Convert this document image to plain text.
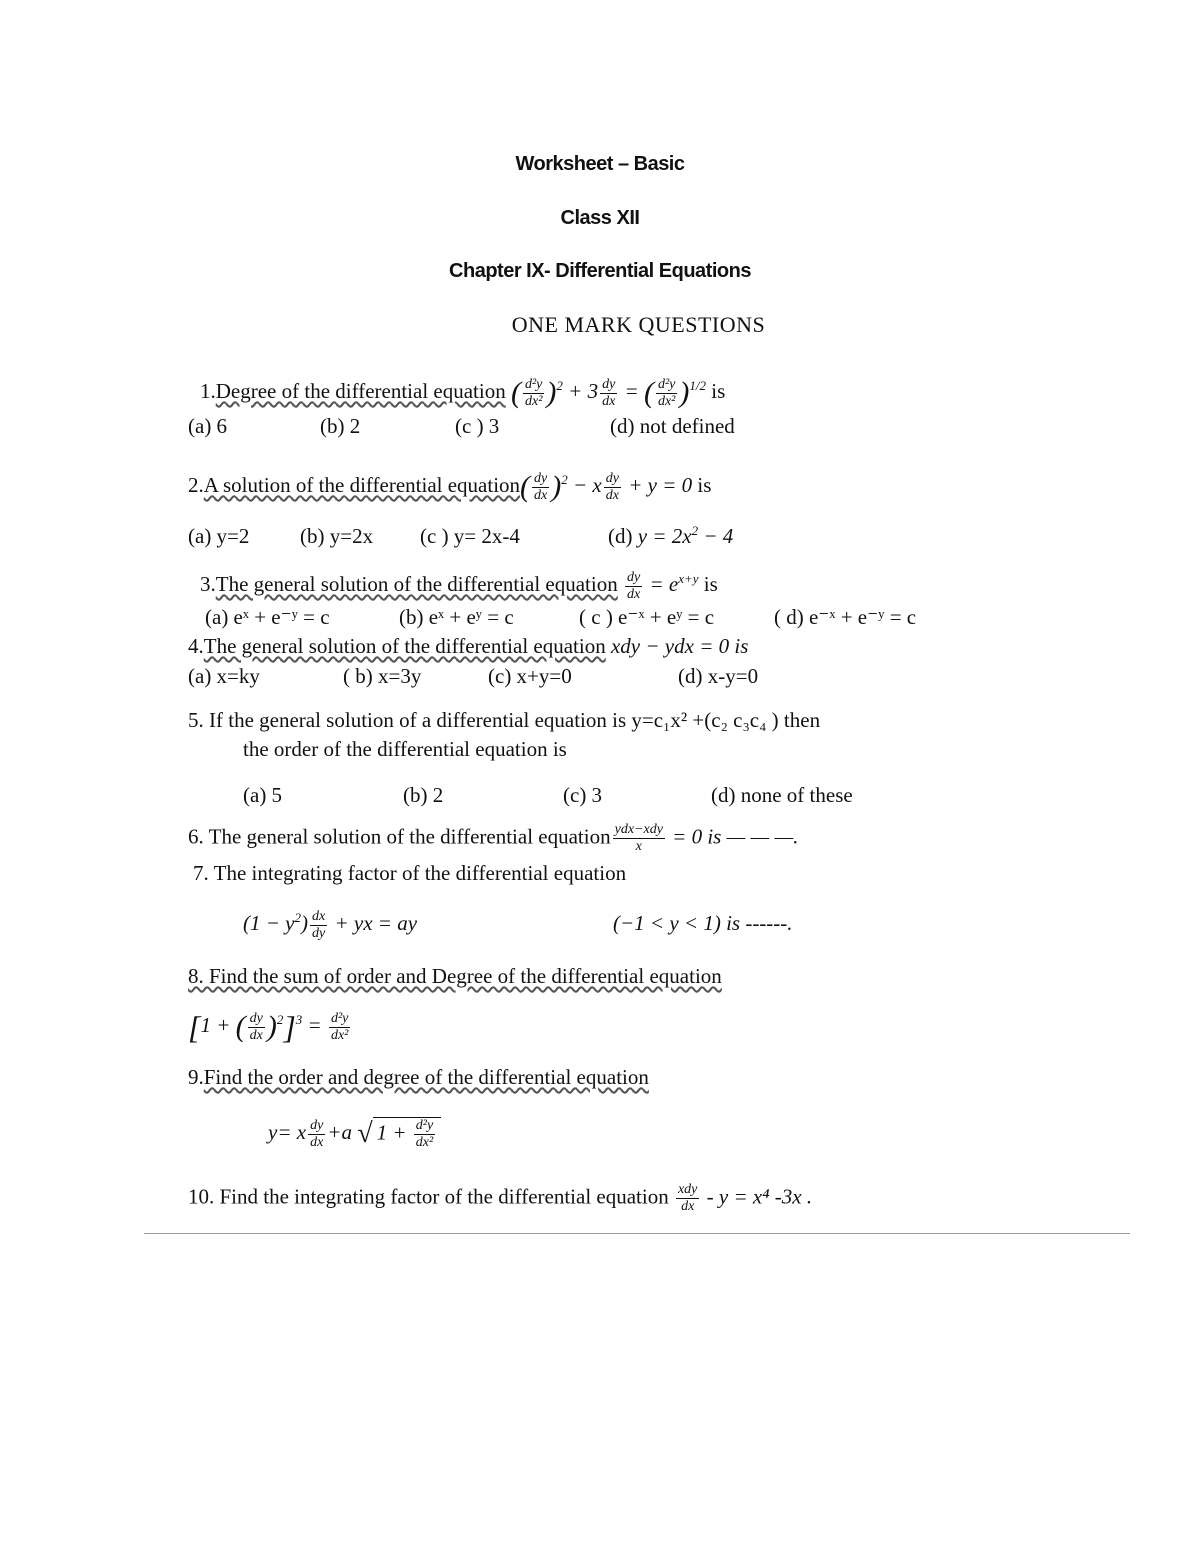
Worksheet – Basic
Class XII
Chapter IX- Differential Equations
ONE MARK QUESTIONS
1.Degree of the differential equation ( $\frac{\text{d²y}}{\text{dx²}} )^2 + 3 \frac{dy}{dx}$ = ( $\frac{\text{d²y}}{\text{dx²}} )^{1/2}$ is
(a) 6	(b) 2	(c ) 3	(d) not defined
2.A solution of the differential equation( $\frac{dy}{dx} )^2 - x \frac{dy}{dx} + y = 0$ is
(a) y=2 (b) y=2x (c ) y= 2x-4	(d) $y = 2x^2 - 4$
3.The general solution of the differential equation $\frac{dy}{dx} = e^{x+y}$ is
(a) eˣ + e⁻ʸ = c	(b) eˣ + eʸ = c	( c ) e⁻ˣ + eʸ = c	( d) e⁻ˣ + e⁻ʸ = c
4.The general solution of the differential equation xdy − ydx = 0 is
(a) x=ky	( b) x=3y	(c) x+y=0	(d) x-y=0
5. If the general solution of a differential equation is y=c₁x² +(c₂ c₃c₄ ) then
the order of the differential equation is
(a) 5	(b) 2	(c) 3	(d) none of these
6. The general solution of the differential equation $\frac{\text{ydx−xdy}}{x} = 0$ is — — —.
7. The integrating factor of the differential equation
$(1 - y^2) \frac{dx}{dy}$ + yx = ay	(−1 < y < 1) is ------.
8. Find the sum of order and Degree of the differential equation
[1 + ( $\frac{dy}{dx} )^2]^3 = \frac{\text{d²y}}{\text{dx²}}$
9.Find the order and degree of the differential equation
y= x $\frac{dy}{dx} +a$ √ $1 + \frac{\text{d²y}}{\text{dx²}}$
10. Find the integrating factor of the differential equation $\frac{\text{xdy}}{dx} - y = x^4$ -3x .
